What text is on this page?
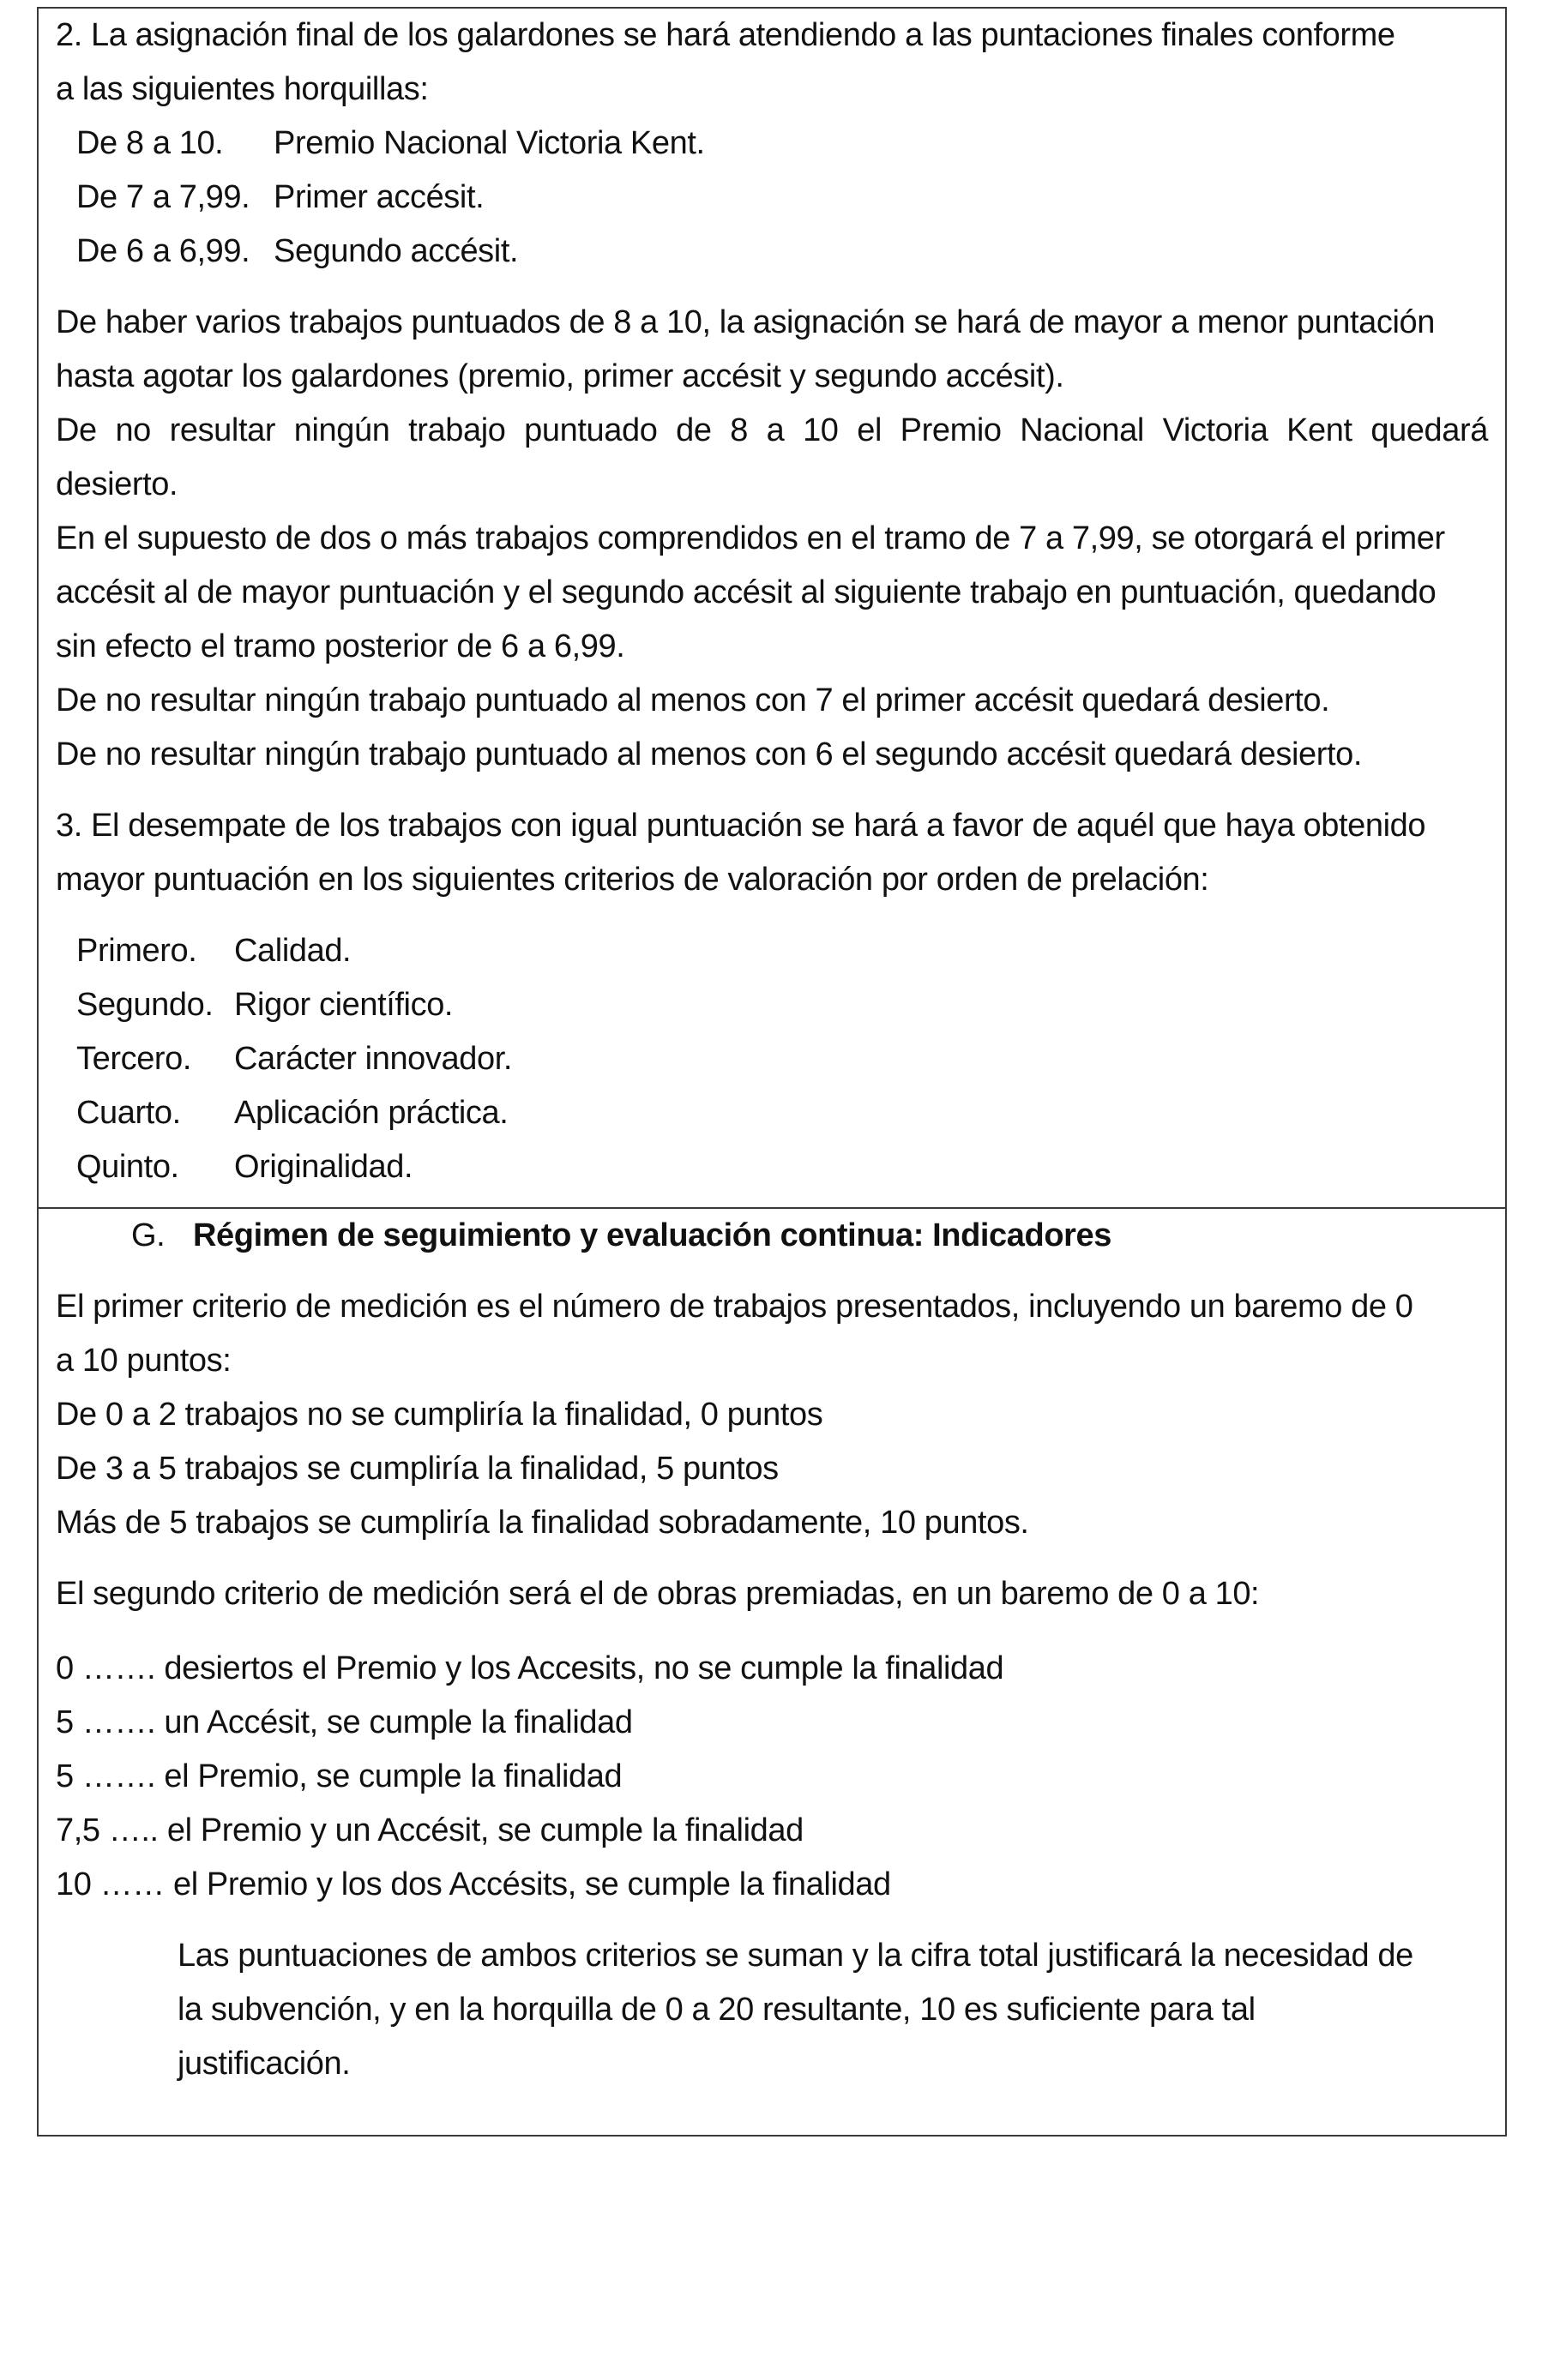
2. La asignación final de los galardones se hará atendiendo a las puntaciones finales conforme
a las siguientes horquillas:

De 8 a 10.	Premio Nacional Victoria Kent.
De 7 a 7,99. Primer accésit.
De 6 a 6,99. Segundo accésit.

De haber varios trabajos puntuados de 8 a 10, la asignación se hará de mayor a menor puntación
hasta agotar los galardones (premio, primer accésit y segundo accésit).

De no resultar ningún trabajo puntuado de 8 a 10 el Premio Nacional Victoria Kent quedará
desierto.

En el supuesto de dos o más trabajos comprendidos en el tramo de 7 a 7,99, se otorgará el primer
accésit al de mayor puntuación y el segundo accésit al siguiente trabajo en puntuación, quedando
sin efecto el tramo posterior de 6 a 6,99.

De no resultar ningún trabajo puntuado al menos con 7 el primer accésit quedará desierto.

De no resultar ningún trabajo puntuado al menos con 6 el segundo accésit quedará desierto.

3. El desempate de los trabajos con igual puntuación se hará a favor de aquél que haya obtenido
mayor puntuación en los siguientes criterios de valoración por orden de prelación:

Primero.	Calidad.
Segundo. Rigor científico.
Tercero.	Carácter innovador.
Cuarto.	Aplicación práctica.
Quinto.	Originalidad.

G. Régimen de seguimiento y evaluación continua: Indicadores

El primer criterio de medición es el número de trabajos presentados, incluyendo un baremo de 0
a 10 puntos:

De 0 a 2 trabajos no se cumpliría la finalidad, 0 puntos

De 3 a 5 trabajos se cumpliría la finalidad, 5 puntos

Más de 5 trabajos se cumpliría la finalidad sobradamente, 10 puntos.

El segundo criterio de medición será el de obras premiadas, en un baremo de 0 a 10:

0 ……. desiertos el Premio y los Accesits, no se cumple la finalidad

5 ……. un Accésit, se cumple la finalidad

5 ……. el Premio, se cumple la finalidad

7,5 ….. el Premio y un Accésit, se cumple la finalidad

10 …… el Premio y los dos Accésits, se cumple la finalidad

Las puntuaciones de ambos criterios se suman y la cifra total justificará la necesidad de
la subvención, y en la horquilla de 0 a 20 resultante, 10 es suficiente para tal
justificación.
